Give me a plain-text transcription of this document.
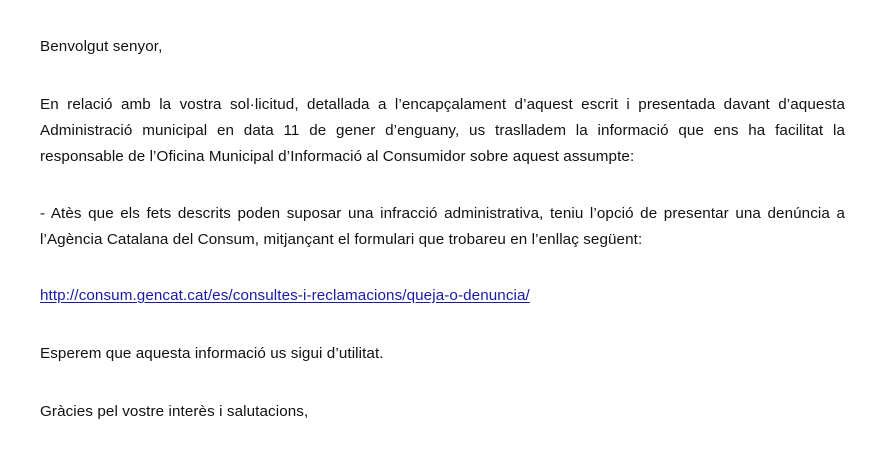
Benvolgut senyor,

En relació amb la vostra sol·licitud, detallada a l’encapçalament d’aquest escrit i presentada davant d’aquesta Administració municipal en data 11 de gener d’enguany, us traslladem la informació que ens ha facilitat la responsable de l’Oficina Municipal d’Informació al Consumidor sobre aquest assumpte:

- Atès que els fets descrits poden suposar una infracció administrativa, teniu l’opció de presentar una denúncia a l’Agència Catalana del Consum, mitjançant el formulari que trobareu en l’enllaç següent:

http://consum.gencat.cat/es/consultes-i-reclamacions/queja-o-denuncia/

Esperem que aquesta informació us sigui d’utilitat.

Gràcies pel vostre interès i salutacions,
